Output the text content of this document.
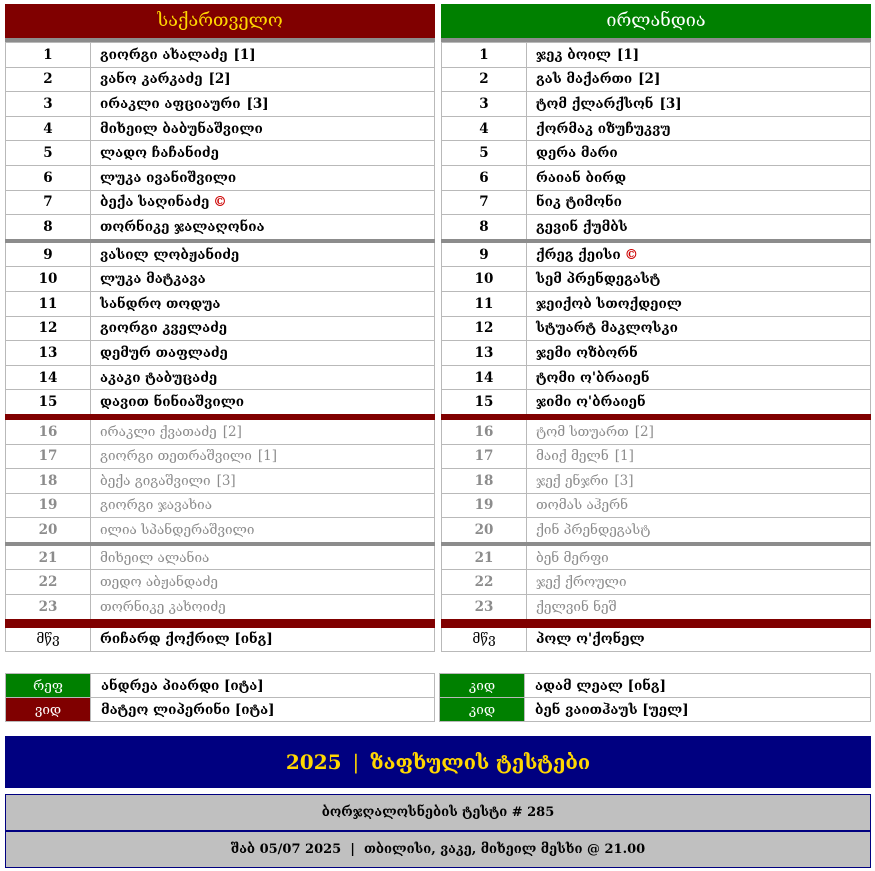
საქართველო
1	გიორგი ახალაძე [1]
2	ვანო კარკაძე [2]
3	ირაკლი აფციაური [3]
4	მიხეილ ბაბუნაშვილი
5	ლადო ჩაჩანიძე
6	ლუკა ივანიშვილი
7	ბექა საღინაძე ©
8	თორნიკე ჯალაღონია
9	ვასილ ლობჟანიძე
10	ლუკა მატკავა
11	სანდრო თოდუა
12	გიორგი კველაძე
13	დემურ თაფლაძე
14	აკაკი ტაბუცაძე
15	დავით ნინიაშვილი
16	ირაკლი ქვათაძე [2]
17	გიორგი თეთრაშვილი [1]
18	ბექა გიგაშვილი [3]
19	გიორგი ჯავახია
20	ილია სპანდერაშვილი
21	მიხეილ ალანია
22	თედო აბჟანდაძე
23	თორნიკე კახოიძე
მწვ	რიჩარდ ქოქრილ [ინგ]
ირლანდია
1	ჯეკ ბოილ [1]
2	გას მაქართი [2]
3	ტომ ქლარქსონ [3]
4	ქორმაკ იზუჩუკვუ
5	დერა მარი
6	რაიან ბირდ
7	ნიკ ტიმონი
8	გევინ ქუმბს
9	ქრეგ ქეისი ©
10	სემ პრენდეგასტ
11	ჯეიქობ სთოქდეილ
12	სტუარტ მაკლოსკი
13	ჯემი ოზბორნ
14	ტომი ო'ბრაიენ
15	ჯიმი ო'ბრაიენ
16	ტომ სთუართ [2]
17	მაიქ მელნ [1]
18	ჯექ ენჯრი [3]
19	თომას აჰერნ
20	ქინ პრენდეგასტ
21	ბენ მერფი
22	ჯექ ქროული
23	ქელვინ ნეშ
მწვ	პოლ ო'ქონელ
რეფ	ანდრეა პიარდი [იტა]
ვიდ	მატეო ლიპერინი [იტა]
კიდ	ადამ ლეალ [ინგ]
კიდ	ბენ ვაითჰაუს [უელ]
2025 | ზაფხულის ტესტები
ბორჯღალოსნების ტესტი # 285
შაბ 05/07 2025  |  თბილისი, ვაკე, მიხეილ მესხი @ 21.00
